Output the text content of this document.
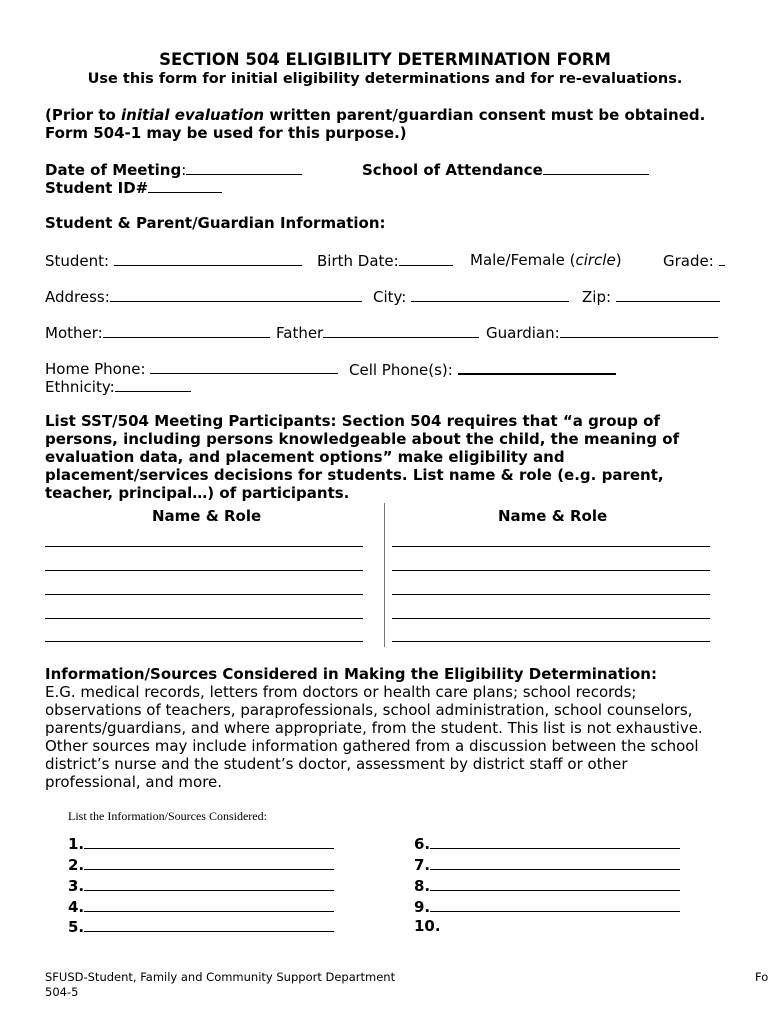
SECTION 504 ELIGIBILITY DETERMINATION FORM
Use this form for initial eligibility determinations and for re-evaluations.
(Prior to initial evaluation written parent/guardian consent must be obtained.
Form 504-1 may be used for this purpose.)
Date of Meeting:	School of Attendance
Student ID#
Student & Parent/Guardian Information:
Student:	Birth Date:	Male/Female (circle)	Grade:
Address:	City:	Zip:
Mother:	Father	Guardian:
Home Phone:	Cell Phone(s):
Ethnicity:
List SST/504 Meeting Participants: Section 504 requires that “a group of
persons, including persons knowledgeable about the child, the meaning of
evaluation data, and placement options” make eligibility and
placement/services decisions for students. List name & role (e.g. parent,
teacher, principal…) of participants.
Name & Role	Name & Role
Information/Sources Considered in Making the Eligibility Determination:
E.G. medical records, letters from doctors or health care plans; school records;
observations of teachers, paraprofessionals, school administration, school counselors,
parents/guardians, and where appropriate, from the student. This list is not exhaustive.
Other sources may include information gathered from a discussion between the school
district’s nurse and the student’s doctor, assessment by district staff or other
professional, and more.
List the Information/Sources Considered:
1.
2.
3.
4.
5.
6.
7.
8.
9.
10.
SFUSD-Student, Family and Community Support Department
504-5
Fo
